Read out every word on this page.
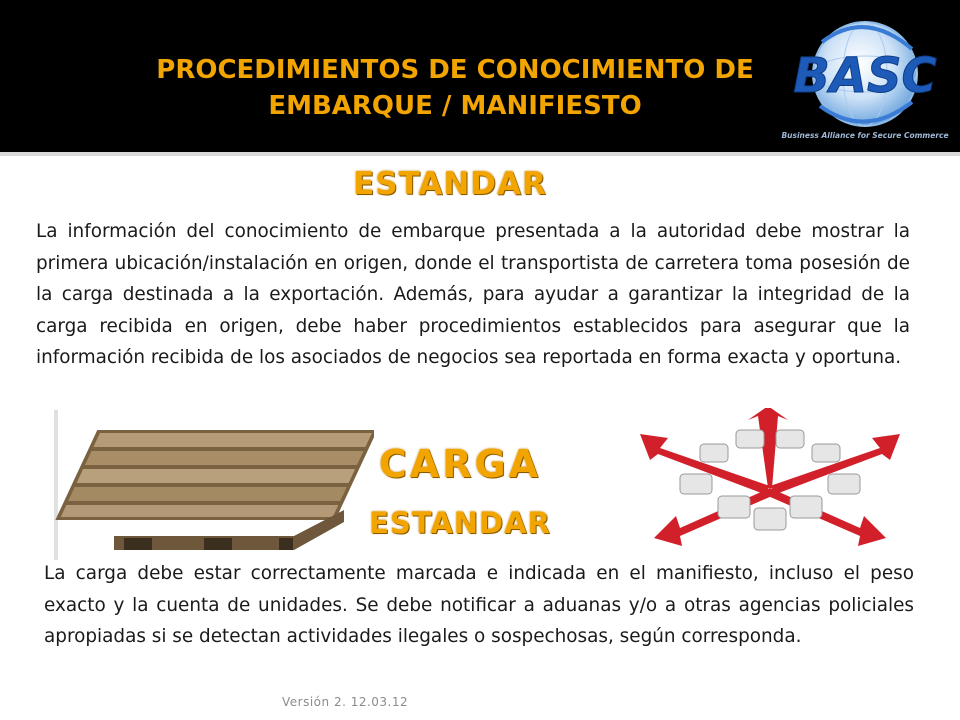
PROCEDIMIENTOS DE CONOCIMIENTO DE
EMBARQUE / MANIFIESTO
BASC
Business Alliance for Secure Commerce
ESTANDAR

La información del conocimiento de embarque presentada a la autoridad debe mostrar la primera ubicación/instalación en origen, donde el transportista de carretera toma posesión de la carga destinada a la exportación. Además, para ayudar a garantizar la integridad de la carga recibida en origen, debe haber procedimientos establecidos para asegurar que la información recibida de los asociados de negocios sea reportada en forma exacta y oportuna.

CARGA
ESTANDAR

La carga debe estar correctamente marcada e indicada en el manifiesto, incluso el peso exacto y la cuenta de unidades. Se debe notificar a aduanas y/o a otras agencias policiales apropiadas si se detectan actividades ilegales o sospechosas, según corresponda.

Versión 2. 12.03.12
